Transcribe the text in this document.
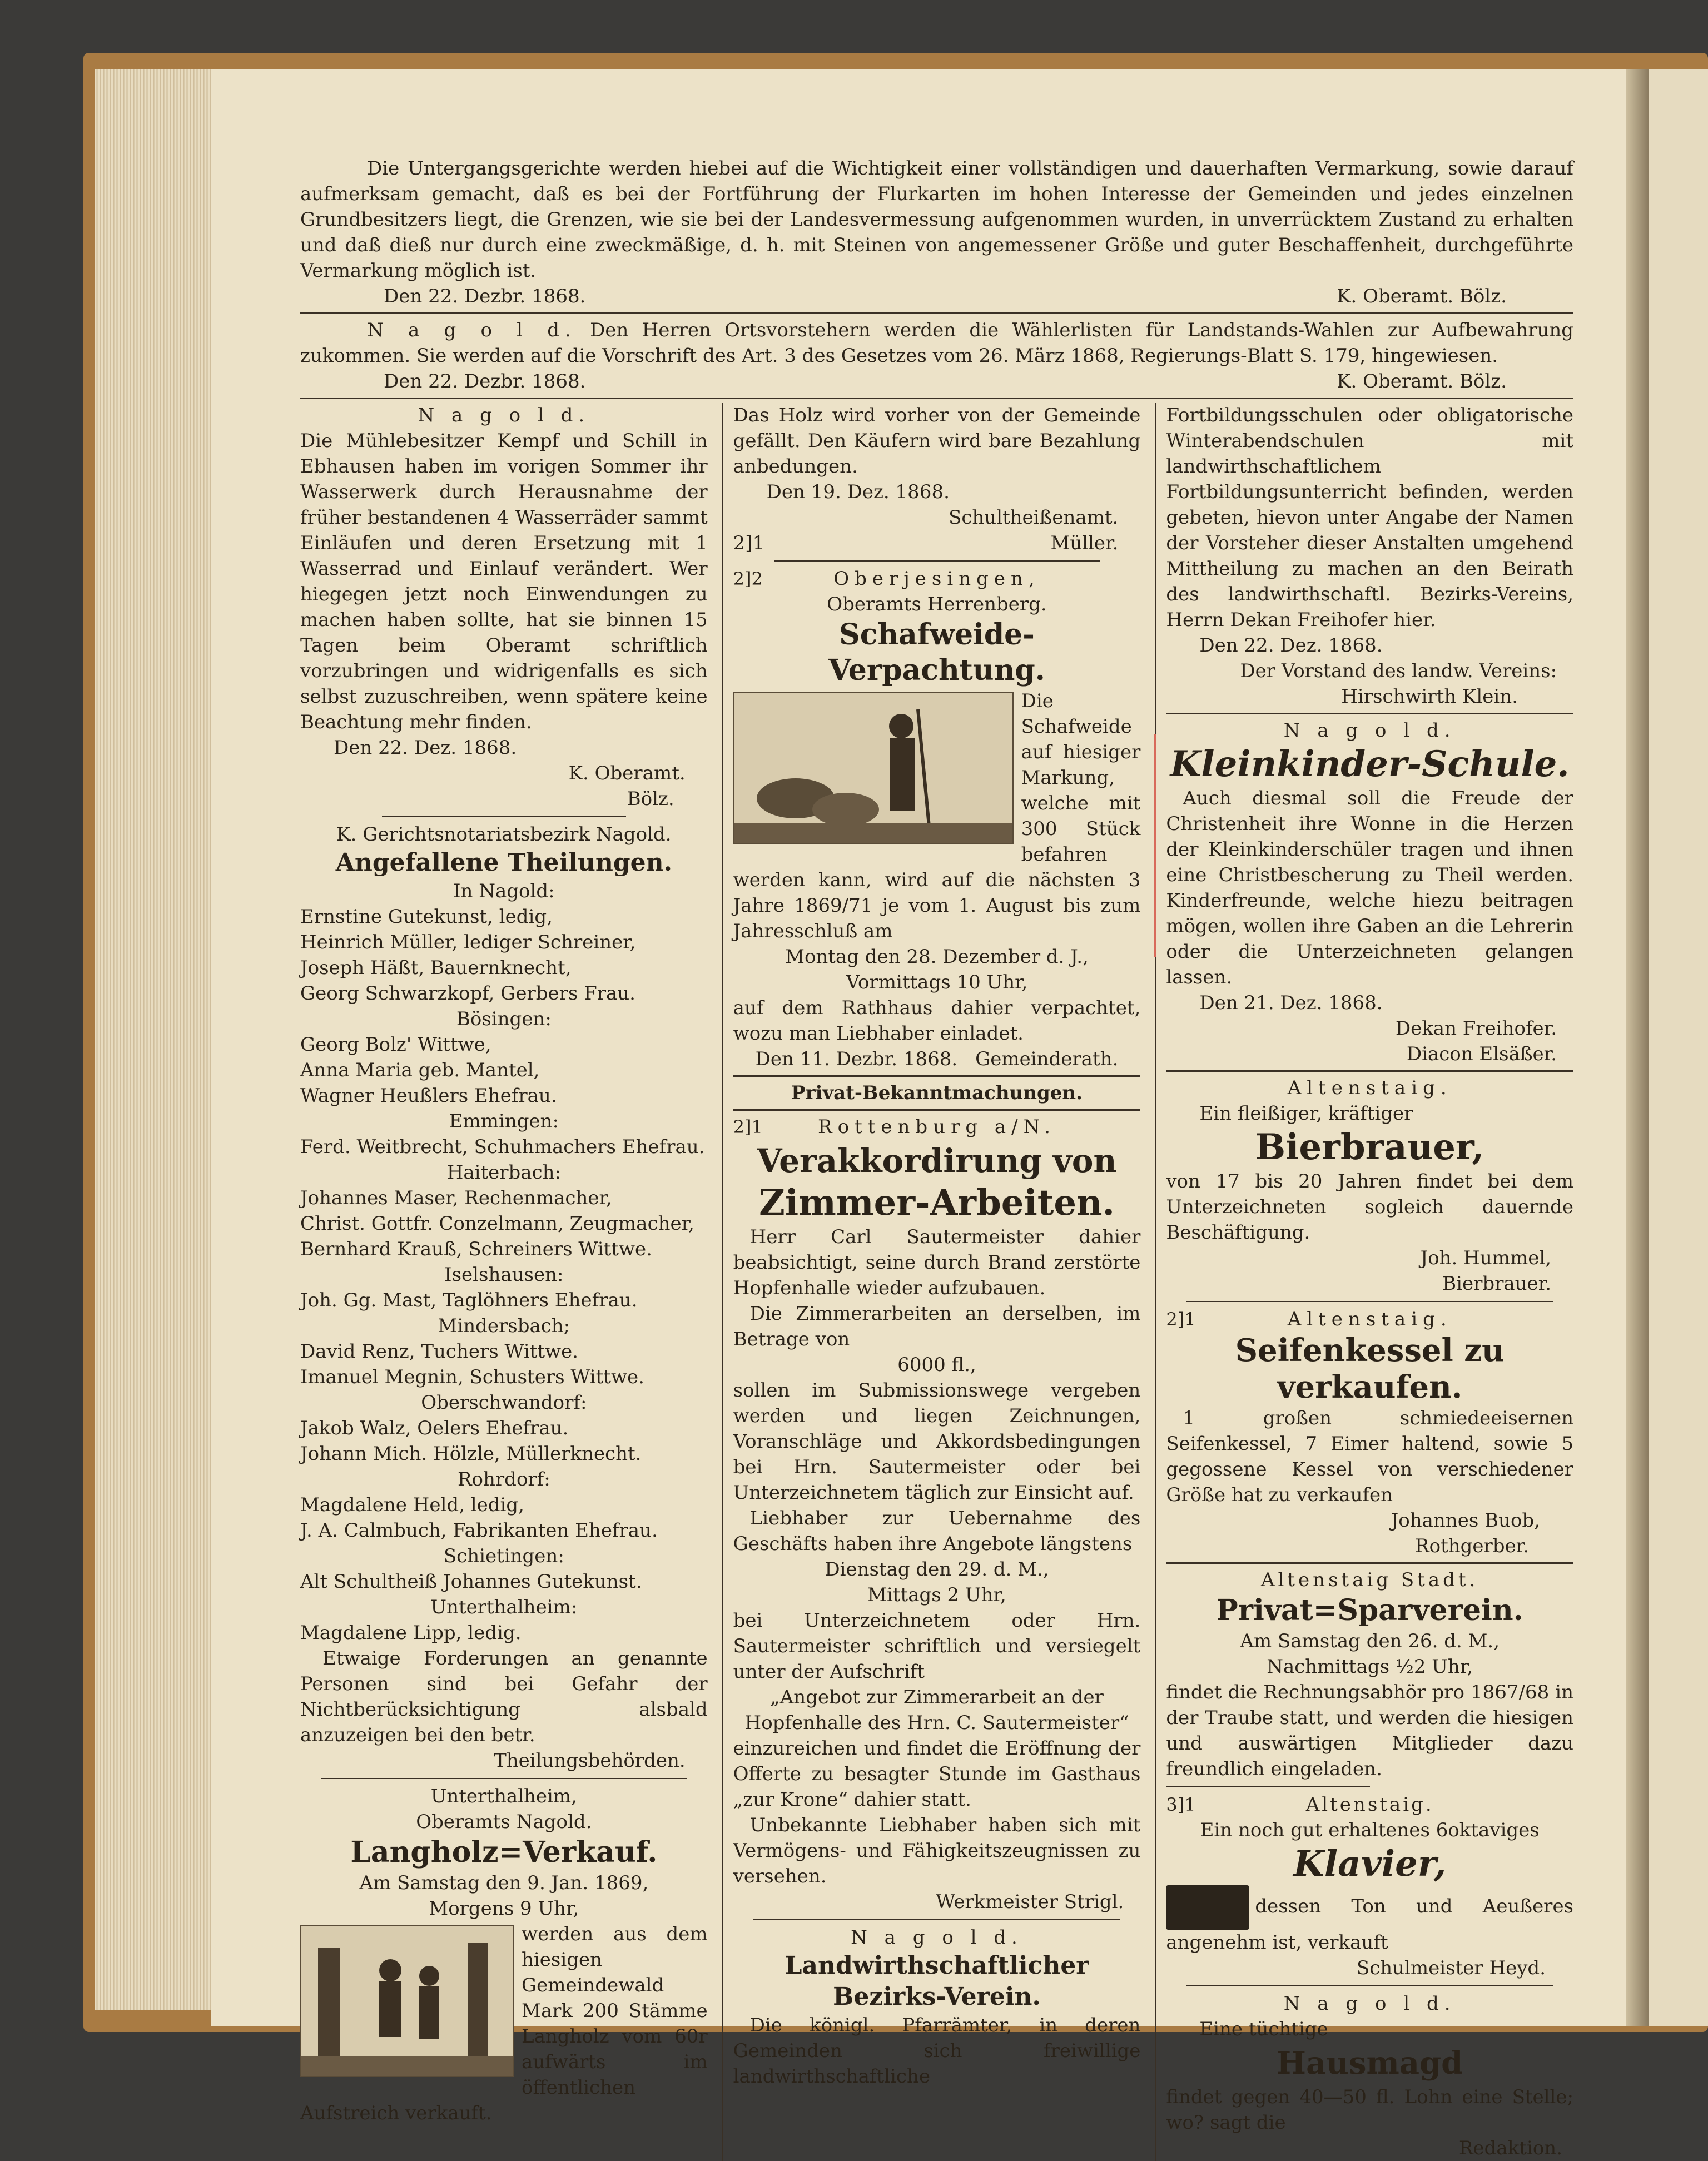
Die Untergangsgerichte werden hiebei auf die Wichtigkeit einer vollständigen und dauerhaften Vermarkung, sowie darauf aufmerksam gemacht, daß es bei der Fortführung der Flurkarten im hohen Interesse der Gemeinden und jedes einzelnen Grundbesitzers liegt, die Grenzen, wie sie bei der Landesvermessung aufgenommen wurden, in unverrücktem Zustand zu erhalten und daß dieß nur durch eine zweckmäßige, d. h. mit Steinen von angemessener Größe und guter Beschaffenheit, durchgeführte Vermarkung möglich ist.

Den 22. Dezbr. 1868.	K. Oberamt. Bölz.

N a g o l d. Den Herren Ortsvorstehern werden die Wählerlisten für Landstands-Wahlen zur Aufbewahrung zukommen. Sie werden auf die Vorschrift des Art. 3 des Gesetzes vom 26. März 1868, Regierungs-Blatt S. 179, hingewiesen.

Den 22. Dezbr. 1868.	K. Oberamt. Bölz.
N a g o l d.
Die Mühlebesitzer Kempf und Schill in Ebhausen haben im vorigen Sommer ihr Wasserwerk durch Herausnahme der früher bestandenen 4 Wasserräder sammt Einläufen und deren Ersetzung mit 1 Wasserrad und Einlauf verändert. Wer hiegegen jetzt noch Einwendungen zu machen haben sollte, hat sie binnen 15 Tagen beim Oberamt schriftlich vorzubringen und widrigenfalls es sich selbst zuzuschreiben, wenn spätere keine Beachtung mehr finden.
Den 22. Dez. 1868.
K. Oberamt.
Bölz.
K. Gerichtsnotariatsbezirk Nagold.
Angefallene Theilungen.
In Nagold:
Ernstine Gutekunst, ledig,
Heinrich Müller, lediger Schreiner,
Joseph Häßt, Bauernknecht,
Georg Schwarzkopf, Gerbers Frau.
Bösingen:
Georg Bolz' Wittwe,
Anna Maria geb. Mantel,
Wagner Heußlers Ehefrau.
Emmingen:
Ferd. Weitbrecht, Schuhmachers Ehefrau.
Haiterbach:
Johannes Maser, Rechenmacher,
Christ. Gottfr. Conzelmann, Zeugmacher,
Bernhard Krauß, Schreiners Wittwe.
Iselshausen:
Joh. Gg. Mast, Taglöhners Ehefrau.
Mindersbach;
David Renz, Tuchers Wittwe.
Imanuel Megnin, Schusters Wittwe.
Oberschwandorf:
Jakob Walz, Oelers Ehefrau.
Johann Mich. Hölzle, Müllerknecht.
Rohrdorf:
Magdalene Held, ledig,
J. A. Calmbuch, Fabrikanten Ehefrau.
Schietingen:
Alt Schultheiß Johannes Gutekunst.
Unterthalheim:
Magdalene Lipp, ledig.
Etwaige Forderungen an genannte Personen sind bei Gefahr der Nichtberücksichtigung alsbald anzuzeigen bei den betr.
Theilungsbehörden.
Unterthalheim,
Oberamts Nagold.
Langholz=Verkauf.
Am Samstag den 9. Jan. 1869,
Morgens 9 Uhr,
werden aus dem hiesigen Gemeindewald Mark 200 Stämme Langholz vom 60r aufwärts im öffentlichen Aufstreich verkauft.
Das Holz wird vorher von der Gemeinde gefällt. Den Käufern wird bare Bezahlung anbedungen.
Den 19. Dez. 1868.
Schultheißenamt.
2]1	Müller.
2]2	Oberjesingen,
Oberamts Herrenberg.
Schafweide-Verpachtung.
Die Schafweide auf hiesiger Markung, welche mit 300 Stück befahren werden kann, wird auf die nächsten 3 Jahre 1869/71 je vom 1. August bis zum Jahresschluß am
Montag den 28. Dezember d. J.,
Vormittags 10 Uhr,
auf dem Rathhaus dahier verpachtet, wozu man Liebhaber einladet.
Den 11. Dezbr. 1868. Gemeinderath.
Privat-Bekanntmachungen.
2]1	Rottenburg a/N.
Verakkordirung von
Zimmer-Arbeiten.
Herr Carl Sautermeister dahier beabsichtigt, seine durch Brand zerstörte Hopfenhalle wieder aufzubauen.
Die Zimmerarbeiten an derselben, im Betrage von
6000 fl.,
sollen im Submissionswege vergeben werden und liegen Zeichnungen, Voranschläge und Akkordsbedingungen bei Hrn. Sautermeister oder bei Unterzeichnetem täglich zur Einsicht auf.
Liebhaber zur Uebernahme des Geschäfts haben ihre Angebote längstens
Dienstag den 29. d. M.,
Mittags 2 Uhr,
bei Unterzeichnetem oder Hrn. Sautermeister schriftlich und versiegelt unter der Aufschrift
„Angebot zur Zimmerarbeit an der Hopfenhalle des Hrn. C. Sautermeister“
einzureichen und findet die Eröffnung der Offerte zu besagter Stunde im Gasthaus „zur Krone“ dahier statt.
Unbekannte Liebhaber haben sich mit Vermögens- und Fähigkeitszeugnissen zu versehen.
Werkmeister Strigl.
N a g o l d.
Landwirthschaftlicher
Bezirks-Verein.
Die königl. Pfarrämter, in deren Gemeinden sich freiwillige landwirthschaftliche
Fortbildungsschulen oder obligatorische Winterabendschulen mit landwirthschaftlichem Fortbildungsunterricht befinden, werden gebeten, hievon unter Angabe der Namen der Vorsteher dieser Anstalten umgehend Mittheilung zu machen an den Beirath des landwirthschaftl. Bezirks-Vereins, Herrn Dekan Freihofer hier.
Den 22. Dez. 1868.
Der Vorstand des landw. Vereins:
Hirschwirth Klein.
N a g o l d.
Kleinkinder-Schule.
Auch diesmal soll die Freude der Christenheit ihre Wonne in die Herzen der Kleinkinderschüler tragen und ihnen eine Christbescherung zu Theil werden. Kinderfreunde, welche hiezu beitragen mögen, wollen ihre Gaben an die Lehrerin oder die Unterzeichneten gelangen lassen.
Den 21. Dez. 1868.
Dekan Freihofer.
Diacon Elsäßer.
Altenstaig.
Ein fleißiger, kräftiger
Bierbrauer,
von 17 bis 20 Jahren findet bei dem Unterzeichneten sogleich dauernde Beschäftigung.
Joh. Hummel,
Bierbrauer.
2]1	Altenstaig.
Seifenkessel zu
verkaufen.
1 großen schmiedeeisernen Seifenkessel, 7 Eimer haltend, sowie 5 gegossene Kessel von verschiedener Größe hat zu verkaufen
Johannes Buob,
Rothgerber.
Altenstaig Stadt.
Privat=Sparverein.
Am Samstag den 26. d. M.,
Nachmittags ½2 Uhr,
findet die Rechnungsabhör pro 1867/68 in der Traube statt, und werden die hiesigen und auswärtigen Mitglieder dazu freundlich eingeladen.
3]1	Altenstaig.
Ein noch gut erhaltenes 6oktaviges
Klavier,
dessen Ton und Aeußeres angenehm ist, verkauft
Schulmeister Heyd.
N a g o l d.
Eine tüchtige
Hausmagd
findet gegen 40—50 fl. Lohn eine Stelle; wo? sagt die
Redaktion.
